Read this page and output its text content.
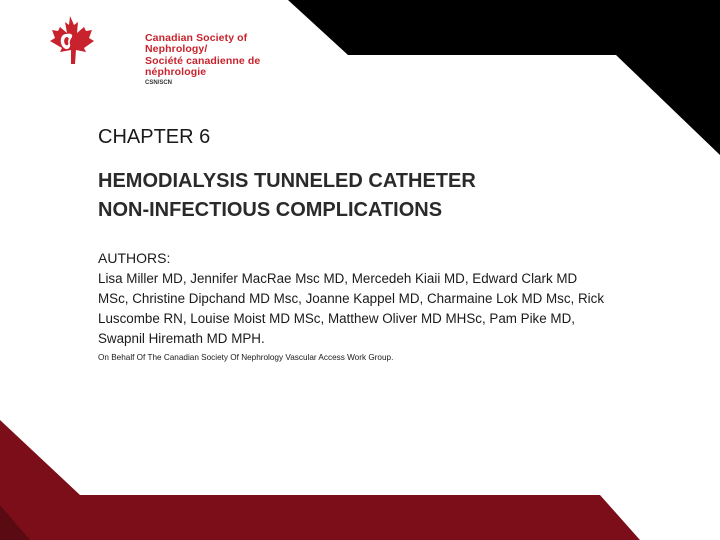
Canadian Society of Nephrology/
Société canadienne de néphrologie
CSN/SCN
CHAPTER 6
HEMODIALYSIS TUNNELED CATHETER
NON-INFECTIOUS COMPLICATIONS
AUTHORS:
Lisa Miller MD, Jennifer MacRae Msc MD, Mercedeh Kiaii MD, Edward Clark MD MSc, Christine Dipchand MD Msc, Joanne Kappel MD, Charmaine Lok MD Msc, Rick Luscombe RN, Louise Moist MD MSc, Matthew Oliver MD MHSc, Pam Pike MD, Swapnil Hiremath MD MPH.
On Behalf Of The Canadian Society Of Nephrology Vascular Access Work Group.
